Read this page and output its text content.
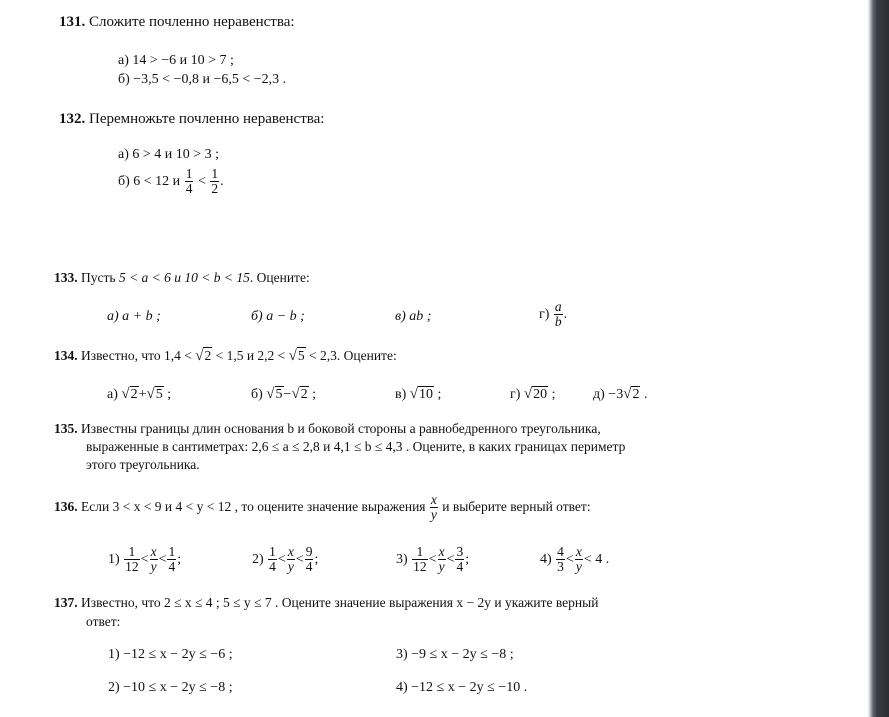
131. Сложите почленно неравенства:
а) 14 > −6 и 10 > 7 ;
б) −3,5 < −0,8 и −6,5 < −2,3 .
132. Перемножьте почленно неравенства:
а) 6 > 4 и 10 > 3 ;
б) 6 < 12 и $\frac{1}{4} < \frac{1}{2}$ .
133. Пусть 5 < a < 6 и 10 < b < 15. Оцените:
а) a + b ;	б) a − b ;	в) ab ;	$г) \frac{a}{b}$ .
134. Известно, что 1,4 < √2 < 1,5 и 2,2 < √5 < 2,3. Оцените:
а) √2+√5 ;	б) √5−√2 ;	в) √10 ;	г) √20 ;	д) −3√2 .
135. Известны границы длин основания b и боковой стороны a равнобедренного треугольника,
выраженные в сантиметрах: 2,6 ≤ a ≤ 2,8 и 4,1 ≤ b ≤ 4,3 . Оцените, в каких границах периметр
этого треугольника.
136. Если 3 < x < 9 и 4 < y < 12 , то оцените значение выражения $\frac{x}{y}$ и выберите верный ответ:
$1) \frac{1}{12} < \frac{x}{y} < \frac{1}{4}$ ;	$2) \frac{1}{4} < \frac{x}{y} < \frac{9}{4}$ ;	$3) \frac{1}{12} < \frac{x}{y} < \frac{3}{4}$ ;	$4) \frac{4}{3} < \frac{x}{y} < 4$ .
137. Известно, что 2 ≤ x ≤ 4 ; 5 ≤ y ≤ 7 . Оцените значение выражения x − 2y и укажите верный
ответ:
1) −12 ≤ x − 2y ≤ −6 ;
2) −10 ≤ x − 2y ≤ −8 ;
3) −9 ≤ x − 2y ≤ −8 ;
4) −12 ≤ x − 2y ≤ −10 .
